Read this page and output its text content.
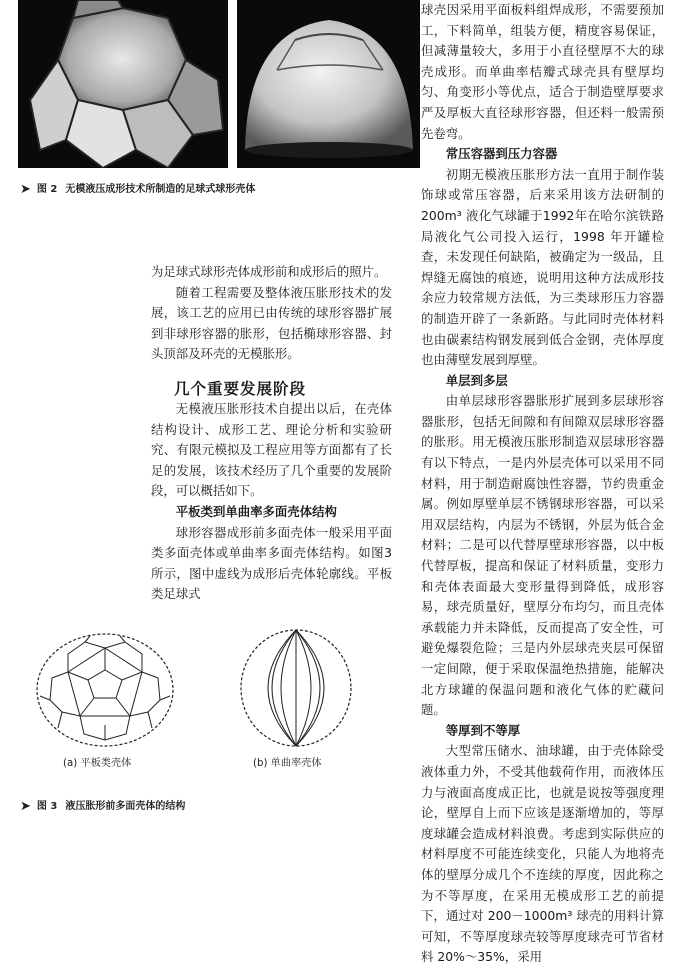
➤ 图 2 无模液压成形技术所制造的足球式球形壳体

为足球式球形壳体成形前和成形后的照片。

随着工程需要及整体液压胀形技术的发展，该工艺的应用已由传统的球形容器扩展到非球形容器的胀形，包括椭球形容器、封头顶部及环壳的无模胀形。

几个重要发展阶段

无模液压胀形技术自提出以后，在壳体结构设计、成形工艺、理论分析和实验研究、有限元模拟及工程应用等方面都有了长足的发展，该技术经历了几个重要的发展阶段，可以概括如下。

平板类到单曲率多面壳体结构

球形容器成形前多面壳体一般采用平面类多面壳体或单曲率多面壳体结构。如图3所示，图中虚线为成形后壳体轮廓线。平板类足球式

(a) 平板类壳体	(b) 单曲率壳体
➤ 图 3 液压胀形前多面壳体的结构

球壳因采用平面板料组焊成形，不需要预加工，下料简单，组装方便，精度容易保证，但减薄量较大，多用于小直径壁厚不大的球壳成形。而单曲率桔瓣式球壳具有壁厚均匀、角变形小等优点，适合于制造壁厚要求严及厚板大直径球形容器，但还料一般需预先卷弯。

常压容器到压力容器

初期无模液压胀形方法一直用于制作装饰球或常压容器，后来采用该方法研制的 200m³ 液化气球罐于1992年在哈尔滨铁路局液化气公司投入运行，1998 年开罐检查，未发现任何缺陷，被确定为一级品，且焊缝无腐蚀的痕迹，说明用这种方法成形技余应力较常规方法低，为三类球形压力容器的制造开辟了一条新路。与此同时壳体材料也由碳素结构钢发展到低合金钢，壳体厚度也由薄壁发展到厚壁。

单层到多层

由单层球形容器胀形扩展到多层球形容器胀形，包括无间隙和有间隙双层球形容器的胀形。用无模液压胀形制造双层球形容器有以下特点，一是内外层壳体可以采用不同材料，用于制造耐腐蚀性容器，节约贵重金属。例如厚壁单层不锈钢球形容器，可以采用双层结构，内层为不锈钢，外层为低合金材料；二是可以代替厚壁球形容器，以中板代替厚板，提高和保证了材料质量，变形力和壳体表面最大变形量得到降低，成形容易，球壳质量好，壁厚分布均匀，而且壳体承载能力并未降低，反而提高了安全性，可避免爆裂危险；三是内外层球壳夹层可保留一定间隙，便于采取保温绝热措施，能解决北方球罐的保温问题和液化气体的贮藏问题。

等厚到不等厚

大型常压储水、油球罐，由于壳体除受液体重力外，不受其他载荷作用，而液体压力与液面高度成正比，也就是说按等强度理论，壁厚自上而下应该是逐渐增加的，等厚度球罐会造成材料浪费。考虑到实际供应的材料厚度不可能连续变化，只能人为地将壳体的壁厚分成几个不连续的厚度，因此称之为不等厚度，在采用无模成形工艺的前提下，通过对 200－1000m³ 球壳的用料计算可知，不等厚度球壳较等厚度球壳可节省材料 20%～35%，采用
